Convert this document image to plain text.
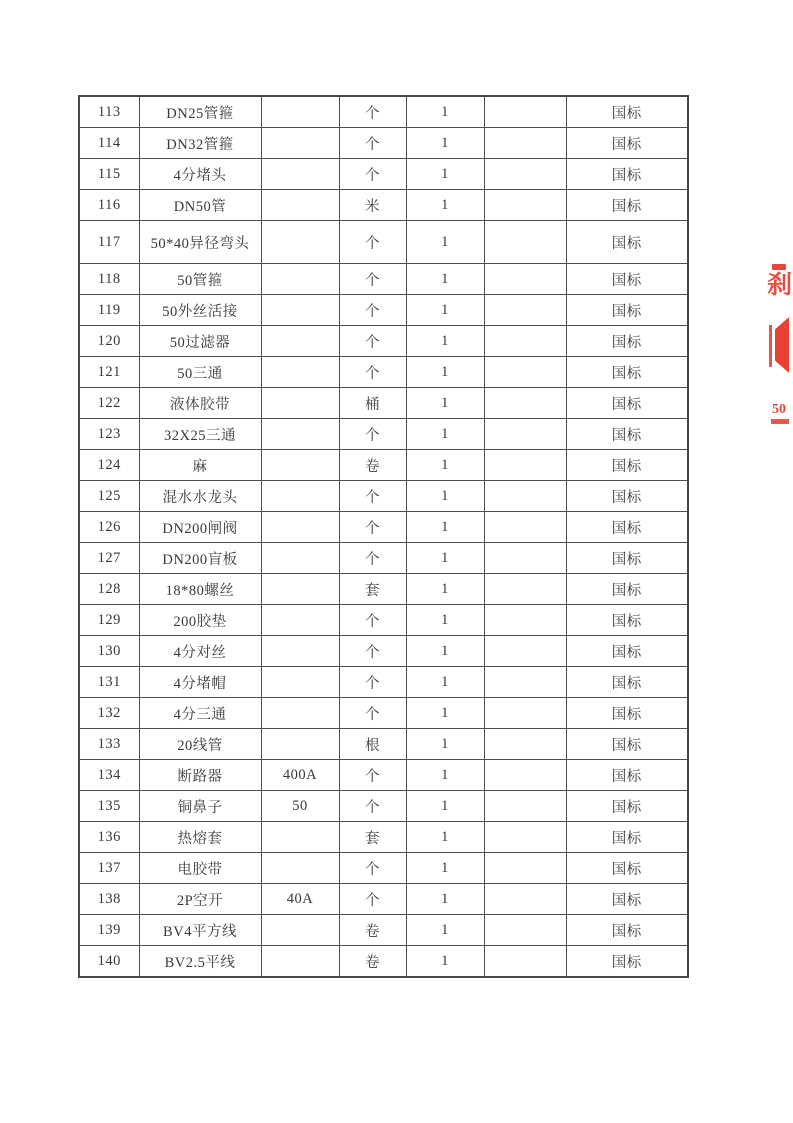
113	DN25管箍		个	1		国标
114	DN32管箍		个	1		国标
115	4分堵头		个	1		国标
116	DN50管		米	1		国标
117	50*40异径弯头		个	1		国标
118	50管箍		个	1		国标
119	50外丝活接		个	1		国标
120	50过滤器		个	1		国标
121	50三通		个	1		国标
122	液体胶带		桶	1		国标
123	32X25三通		个	1		国标
124	麻		卷	1		国标
125	混水水龙头		个	1		国标
126	DN200闸阀		个	1		国标
127	DN200盲板		个	1		国标
128	18*80螺丝		套	1		国标
129	200胶垫		个	1		国标
130	4分对丝		个	1		国标
131	4分堵帽		个	1		国标
132	4分三通		个	1		国标
133	20线管		根	1		国标
134	断路器	400A	个	1		国标
135	铜鼻子	50	个	1		国标
136	热熔套		套	1		国标
137	电胶带		个	1		国标
138	2P空开	40A	个	1		国标
139	BV4平方线		卷	1		国标
140	BV2.5平线		卷	1		国标
刹
50
